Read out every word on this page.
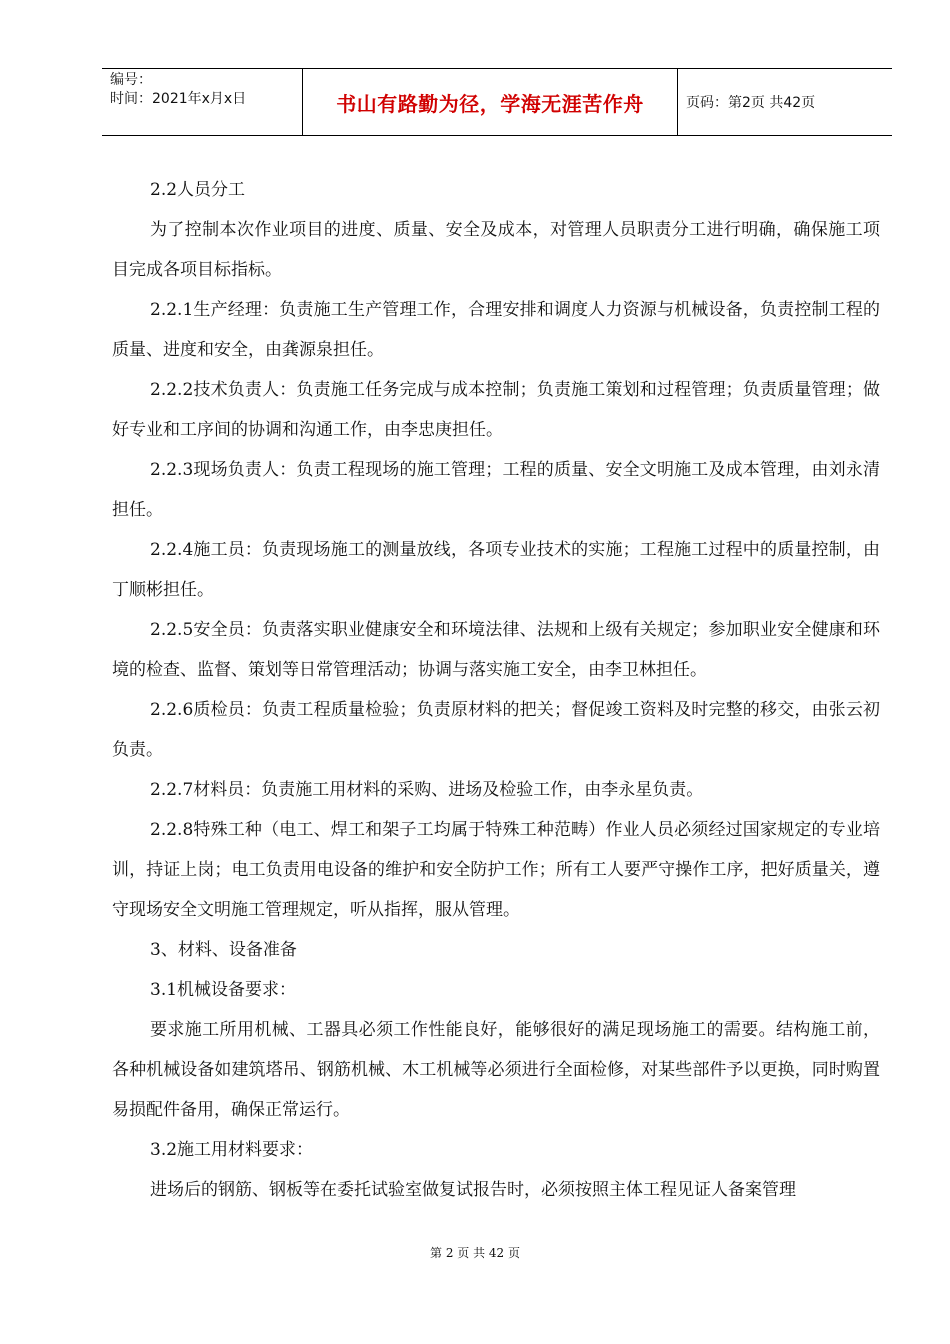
编号：
时间：2021年x月x日	书山有路勤为径，学海无涯苦作舟	页码：第2页 共42页

2.2人员分工

为了控制本次作业项目的进度、质量、安全及成本，对管理人员职责分工进行明确，确保施工项目完成各项目标指标。

2.2.1生产经理：负责施工生产管理工作，合理安排和调度人力资源与机械设备，负责控制工程的质量、进度和安全，由龚源泉担任。

2.2.2技术负责人：负责施工任务完成与成本控制；负责施工策划和过程管理；负责质量管理；做好专业和工序间的协调和沟通工作，由李忠庚担任。

2.2.3现场负责人：负责工程现场的施工管理；工程的质量、安全文明施工及成本管理，由刘永清担任。

2.2.4施工员：负责现场施工的测量放线，各项专业技术的实施；工程施工过程中的质量控制，由丁顺彬担任。

2.2.5安全员：负责落实职业健康安全和环境法律、法规和上级有关规定；参加职业安全健康和环境的检查、监督、策划等日常管理活动；协调与落实施工安全，由李卫林担任。

2.2.6质检员：负责工程质量检验；负责原材料的把关；督促竣工资料及时完整的移交，由张云初负责。

2.2.7材料员：负责施工用材料的采购、进场及检验工作，由李永星负责。

2.2.8特殊工种（电工、焊工和架子工均属于特殊工种范畴）作业人员必须经过国家规定的专业培训，持证上岗；电工负责用电设备的维护和安全防护工作；所有工人要严守操作工序，把好质量关，遵守现场安全文明施工管理规定，听从指挥，服从管理。

3、材料、设备准备

3.1机械设备要求：

要求施工所用机械、工器具必须工作性能良好，能够很好的满足现场施工的需要。结构施工前，各种机械设备如建筑塔吊、钢筋机械、木工机械等必须进行全面检修，对某些部件予以更换，同时购置易损配件备用，确保正常运行。

3.2施工用材料要求：

进场后的钢筋、钢板等在委托试验室做复试报告时，必须按照主体工程见证人备案管理

第 2 页 共 42 页
